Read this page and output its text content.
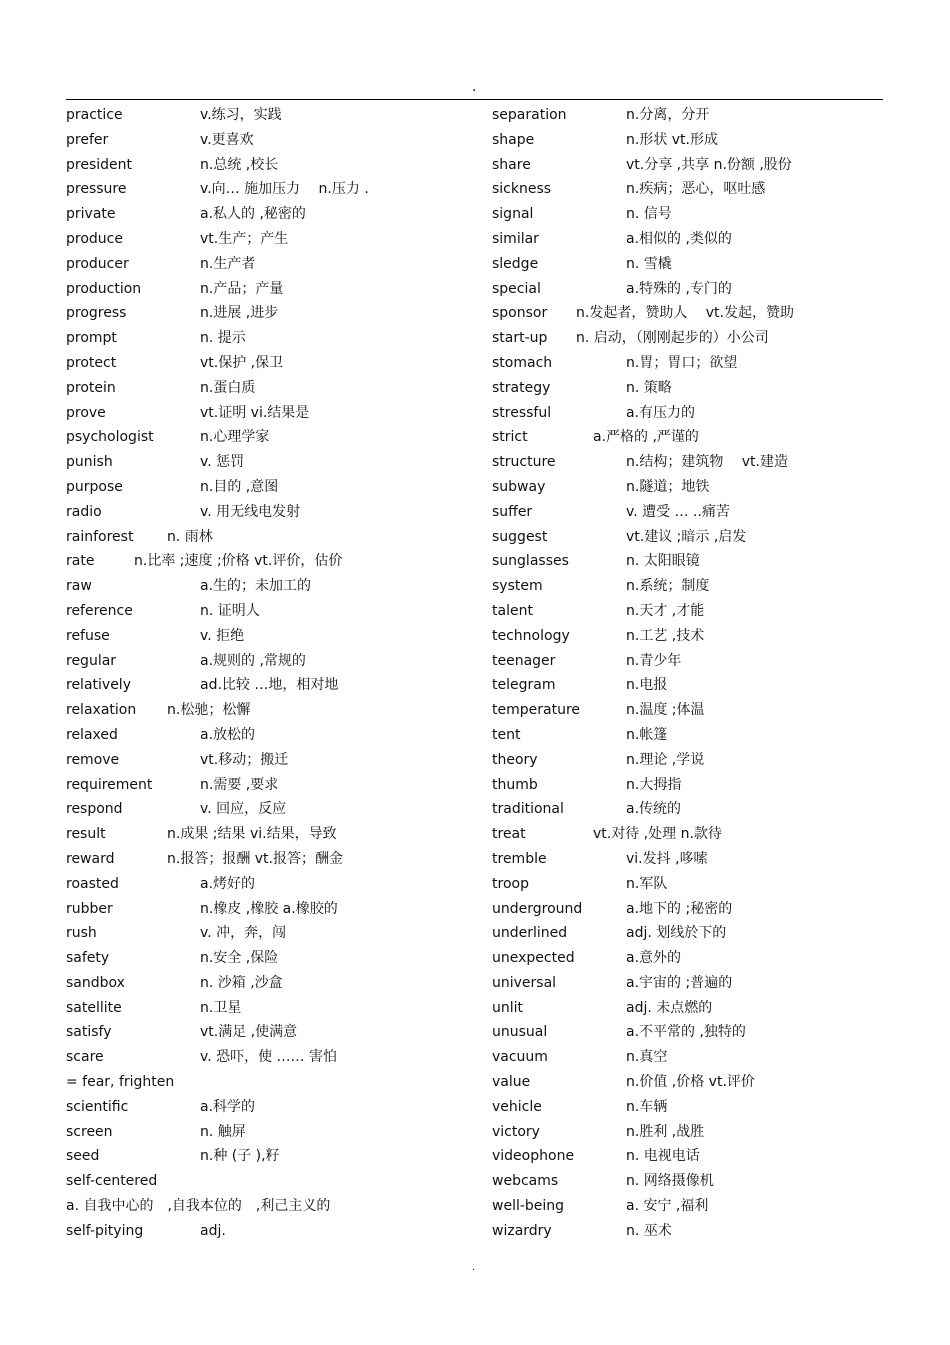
.
practice	v.练习，实践
prefer	v.更喜欢
president	n.总统 ,校长
pressure	v.向… 施加压力　 n.压力 .
private	a.私人的 ,秘密的
produce	vt.生产；产生
producer	n.生产者
production	n.产品；产量
progress	n.进展 ,进步
prompt	n. 提示
protect	vt.保护 ,保卫
protein	n.蛋白质
prove	vt.证明 vi.结果是
psychologist	n.心理学家
punish	v. 惩罚
purpose	n.目的 ,意图
radio	v. 用无线电发射
rainforest n. 雨林
rate	n.比率 ;速度 ;价格 vt.评价，估价
raw	a.生的；未加工的
reference	n. 证明人
refuse	v. 拒绝
regular	a.规则的 ,常规的
relatively	ad.比较 …地，相对地
relaxation n.松驰；松懈
relaxed	a.放松的
remove	vt.移动；搬迁
requirement	n.需要 ,要求
respond	v. 回应，反应
result	n.成果 ;结果 vi.结果，导致
reward	n.报答；报酬 vt.报答；酬金
roasted	a.烤好的
rubber	n.橡皮 ,橡胶 a.橡胶的
rush	v. 冲，奔，闯
safety	n.安全 ,保险
sandbox	n. 沙箱 ,沙盒
satellite	n.卫星
satisfy	vt.满足 ,使满意
scare	v. 恐吓，使 …… 害怕
= fear, frighten
scientific	a.科学的
screen	n. 触屏
seed	n.种 (子 ),籽
self-centered
a. 自我中心的　,自我本位的　,利己主义的
self-pitying	adj.
separation	n.分离，分开
shape	n.形状 vt.形成
share	vt.分享 ,共享 n.份额 ,股份
sickness	n.疾病；恶心，呕吐感
signal	n. 信号
similar	a.相似的 ,类似的
sledge	n. 雪橇
special	a.特殊的 ,专门的
sponsor n.发起者，赞助人　 vt.发起，赞助
start-up n. 启动，（刚刚起步的）小公司
stomach	n.胃；胃口；欲望
strategy	n. 策略
stressful	a.有压力的
strict	a.严格的 ,严谨的
structure	n.结构；建筑物　 vt.建造
subway	n.隧道；地铁
suffer	v. 遭受 … ..痛苦
suggest	vt.建议 ;暗示 ,启发
sunglasses	n. 太阳眼镜
system	n.系统；制度
talent	n.天才 ,才能
technology	n.工艺 ,技术
teenager	n.青少年
telegram	n.电报
temperature	n.温度 ;体温
tent	n.帐篷
theory	n.理论 ,学说
thumb	n.大拇指
traditional	a.传统的
treat	vt.对待 ,处理 n.款待
tremble	vi.发抖 ,哆嗦
troop	n.军队
underground	a.地下的 ;秘密的
underlined	adj. 划线於下的
unexpected	a.意外的
universal	a.宇宙的 ;普遍的
unlit	adj. 未点燃的
unusual	a.不平常的 ,独特的
vacuum	n.真空
value	n.价值 ,价格 vt.评价
vehicle	n.车辆
victory	n.胜利 ,战胜
videophone	n. 电视电话
webcams	n. 网络摄像机
well-being	a. 安宁 ,福利
wizardry	n. 巫术
.
